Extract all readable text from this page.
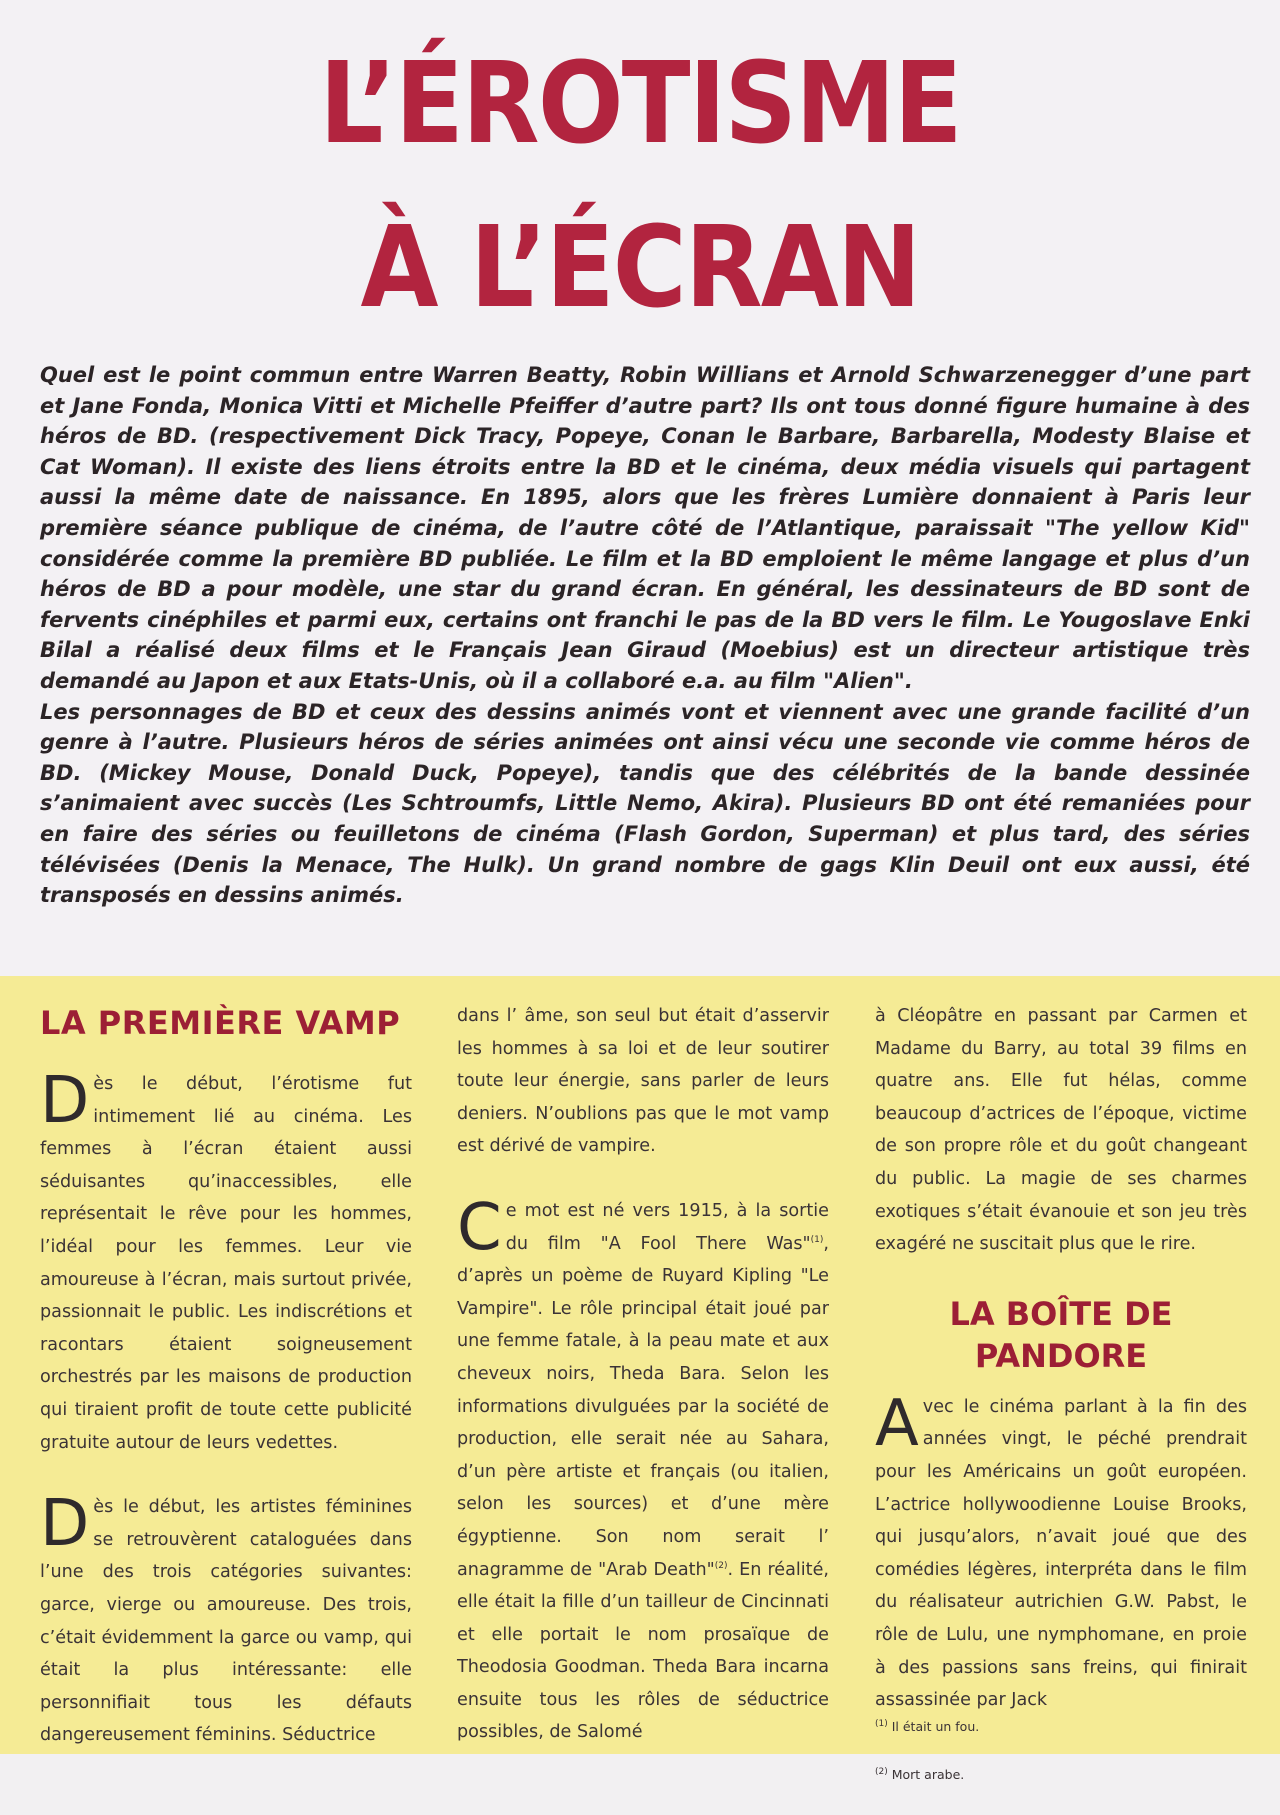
L’ÉROTISME
À L’ÉCRAN

Quel est le point commun entre Warren Beatty, Robin Willians et Arnold Schwarzenegger d’une part et Jane Fonda, Monica Vitti et Michelle Pfeiffer d’autre part? Ils ont tous donné figure humaine à des héros de BD. (respectivement Dick Tracy, Popeye, Conan le Barbare, Barbarella, Modesty Blaise et Cat Woman). Il existe des liens étroits entre la BD et le cinéma, deux média visuels qui partagent aussi la même date de naissance. En 1895, alors que les frères Lumière donnaient à Paris leur première séance publique de cinéma, de l’autre côté de l’Atlantique, paraissait "The yellow Kid" considérée comme la première BD publiée. Le film et la BD emploient le même langage et plus d’un héros de BD a pour modèle, une star du grand écran. En général, les dessinateurs de BD sont de fervents cinéphiles et parmi eux, certains ont franchi le pas de la BD vers le film. Le Yougoslave Enki Bilal a réalisé deux films et le Français Jean Giraud (Moebius) est un directeur artistique très demandé au Japon et aux Etats-Unis, où il a collaboré e.a. au film "Alien".

Les personnages de BD et ceux des dessins animés vont et viennent avec une grande facilité d’un genre à l’autre. Plusieurs héros de séries animées ont ainsi vécu une seconde vie comme héros de BD. (Mickey Mouse, Donald Duck, Popeye), tandis que des célébrités de la bande dessinée s’animaient avec succès (Les Schtroumfs, Little Nemo, Akira). Plusieurs BD ont été remaniées pour en faire des séries ou feuilletons de cinéma (Flash Gordon, Superman) et plus tard, des séries télévisées (Denis la Menace, The Hulk). Un grand nombre de gags Klin Deuil ont eux aussi, été transposés en dessins animés.

LA PREMIÈRE VAMP

Dès le début, l’érotisme fut intimement lié au cinéma. Les femmes à l’écran étaient aussi séduisantes qu’inaccessibles, elle représentait le rêve pour les hommes, l’idéal pour les femmes. Leur vie amoureuse à l’écran, mais surtout privée, passionnait le public. Les indiscrétions et racontars étaient soigneusement orchestrés par les maisons de production qui tiraient profit de toute cette publicité gratuite autour de leurs vedettes.

Dès le début, les artistes féminines se retrouvèrent cataloguées dans l’une des trois catégories suivantes: garce, vierge ou amoureuse. Des trois, c’était évidemment la garce ou vamp, qui était la plus intéressante: elle personnifiait tous les défauts dangereusement féminins. Séductrice

dans l’ âme, son seul but était d’asservir les hommes à sa loi et de leur soutirer toute leur énergie, sans parler de leurs deniers. N’oublions pas que le mot vamp est dérivé de vampire.

Ce mot est né vers 1915, à la sortie du film "A Fool There Was"$^{(1)}$, d’après un poème de Ruyard Kipling "Le Vampire". Le rôle principal était joué par une femme fatale, à la peau mate et aux cheveux noirs, Theda Bara. Selon les informations divulguées par la société de production, elle serait née au Sahara, d’un père artiste et français (ou italien, selon les sources) et d’une mère égyptienne. Son nom serait l’ anagramme de "Arab Death"$^{(2)}$. En réalité, elle était la fille d’un tailleur de Cincinnati et elle portait le nom prosaïque de Theodosia Goodman. Theda Bara incarna ensuite tous les rôles de séductrice possibles, de Salomé

à Cléopâtre en passant par Carmen et Madame du Barry, au total 39 films en quatre ans. Elle fut hélas, comme beaucoup d’actrices de l’époque, victime de son propre rôle et du goût changeant du public. La magie de ses charmes exotiques s’était évanouie et son jeu très exagéré ne suscitait plus que le rire.

LA BOÎTE DE PANDORE

Avec le cinéma parlant à la fin des années vingt, le péché prendrait pour les Américains un goût européen. L’actrice hollywoodienne Louise Brooks, qui jusqu’alors, n’avait joué que des comédies légères, interpréta dans le film du réalisateur autrichien G.W. Pabst, le rôle de Lulu, une nymphomane, en proie à des passions sans freins, qui finirait assassinée par Jack

$^{(1)}$ Il était un fou.

$^{(2)}$ Mort arabe.
